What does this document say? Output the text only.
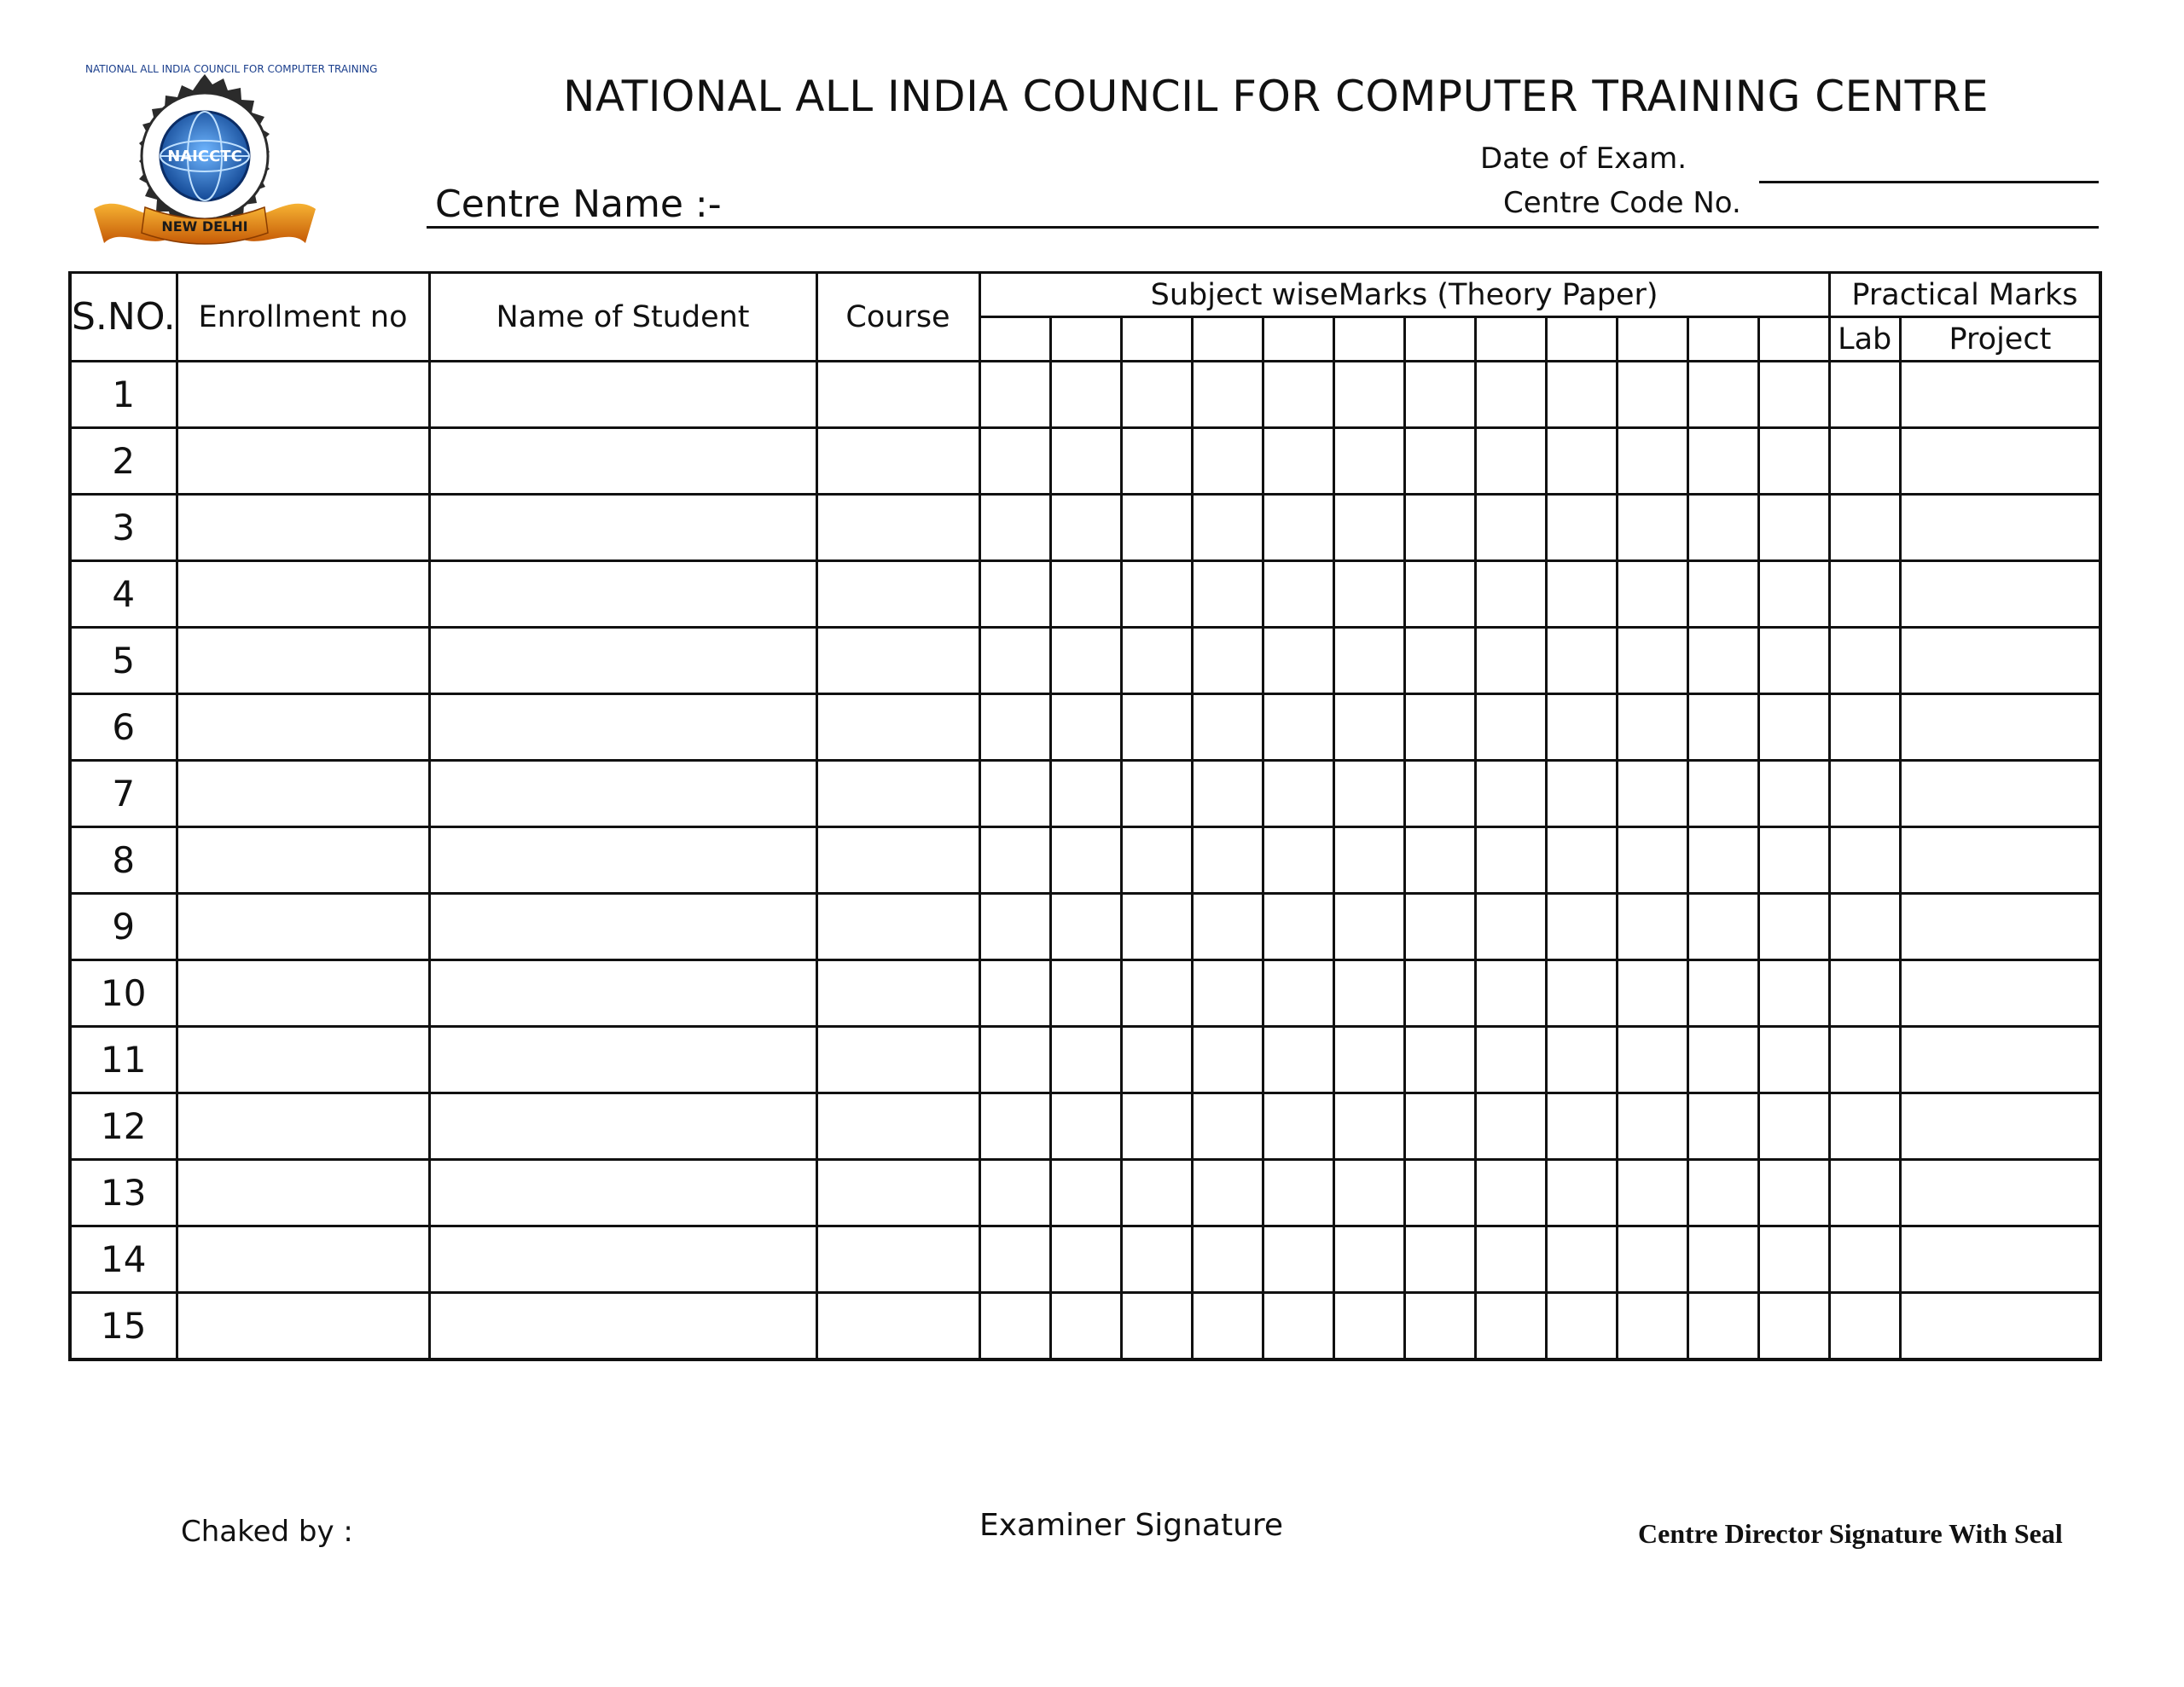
NATIONAL ALL INDIA COUNCIL FOR COMPUTER TRAINING
NAICCTC
NEW DELHI
NATIONAL ALL INDIA COUNCIL FOR COMPUTER TRAINING CENTRE
Date of Exam.
Centre Name :-	Centre Code No.
S.NO.	Enrollment no	Name of Student	Course	Subject wiseMarks (Theory Paper)												Practical Marks	
																Lab	Project
1																	
2																	
3																	
4																	
5																	
6																	
7																	
8																	
9																	
10																	
11																	
12																	
13																	
14																	
15																	
Chaked by :	Examiner Signature	Centre Director Signature With Seal
